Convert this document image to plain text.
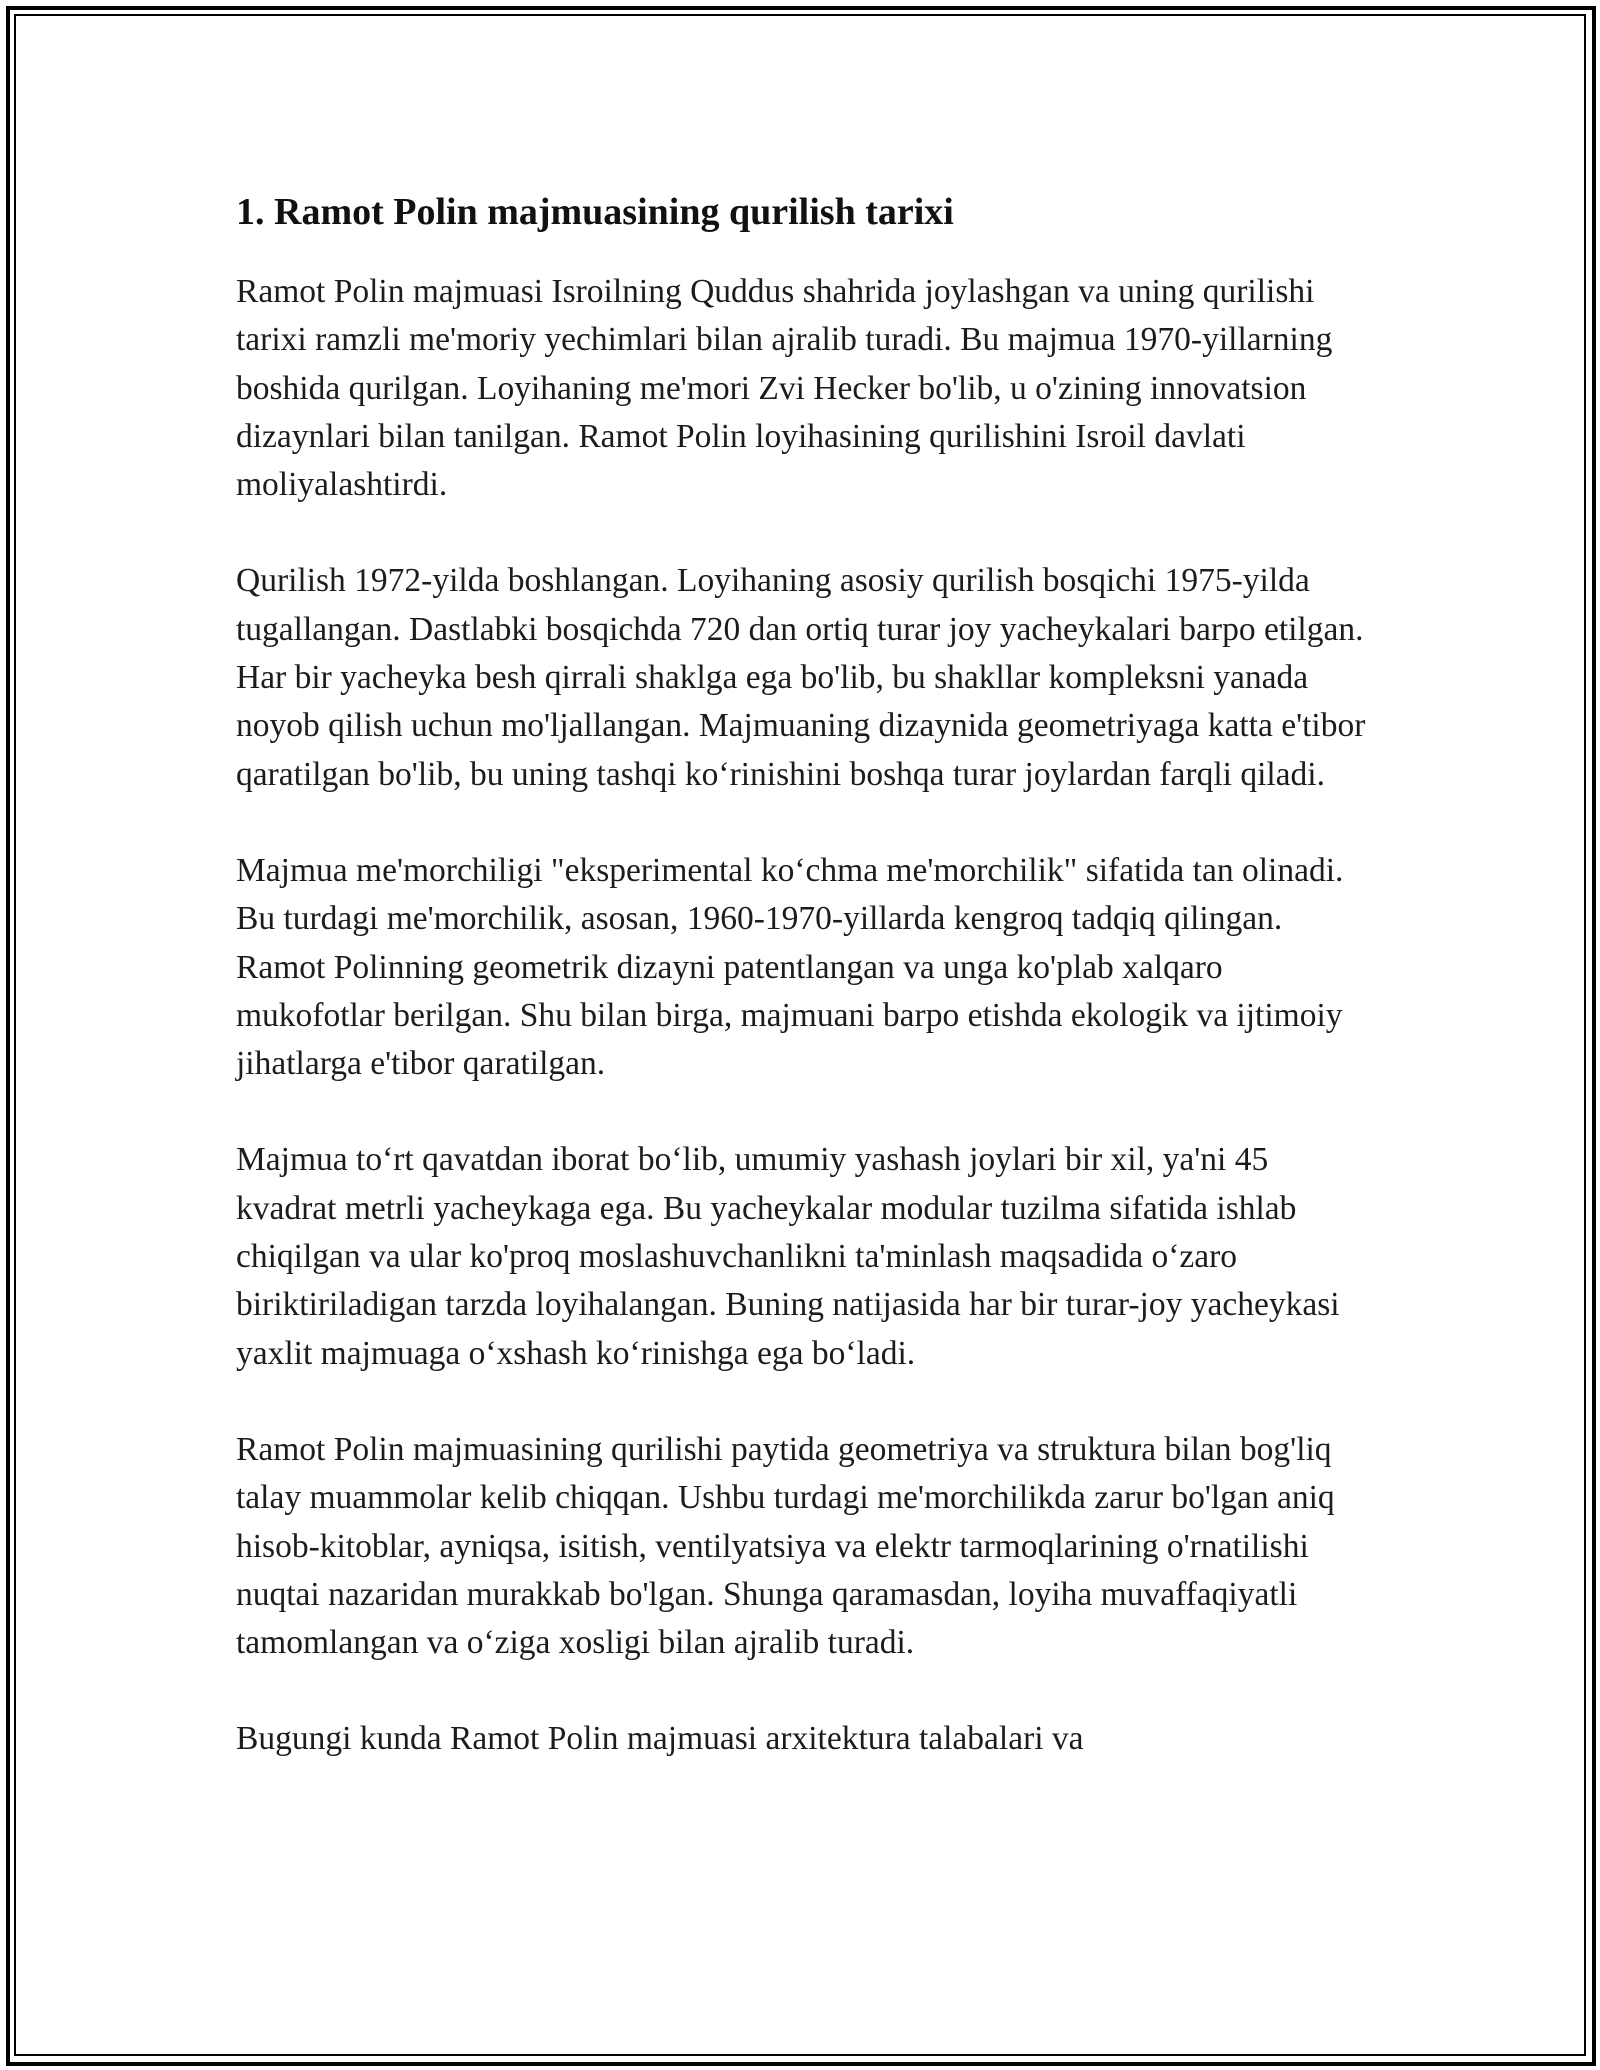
1. Ramot Polin majmuasining qurilish tarixi

Ramot Polin majmuasi Isroilning Quddus shahrida joylashgan va uning qurilishi tarixi ramzli me'moriy yechimlari bilan ajralib turadi. Bu majmua 1970-yillarning boshida qurilgan. Loyihaning me'mori Zvi Hecker bo'lib, u o'zining innovatsion dizaynlari bilan tanilgan. Ramot Polin loyihasining qurilishini Isroil davlati moliyalashtirdi.

Qurilish 1972-yilda boshlangan. Loyihaning asosiy qurilish bosqichi 1975-yilda tugallangan. Dastlabki bosqichda 720 dan ortiq turar joy yacheykalari barpo etilgan. Har bir yacheyka besh qirrali shaklga ega bo'lib, bu shakllar kompleksni yanada noyob qilish uchun mo'ljallangan. Majmuaning dizaynida geometriyaga katta e'tibor qaratilgan bo'lib, bu uning tashqi ko‘rinishini boshqa turar joylardan farqli qiladi.

Majmua me'morchiligi "eksperimental ko‘chma me'morchilik" sifatida tan olinadi. Bu turdagi me'morchilik, asosan, 1960-1970-yillarda kengroq tadqiq qilingan. Ramot Polinning geometrik dizayni patentlangan va unga ko'plab xalqaro mukofotlar berilgan. Shu bilan birga, majmuani barpo etishda ekologik va ijtimoiy jihatlarga e'tibor qaratilgan.

Majmua to‘rt qavatdan iborat bo‘lib, umumiy yashash joylari bir xil, ya'ni 45 kvadrat metrli yacheykaga ega. Bu yacheykalar modular tuzilma sifatida ishlab chiqilgan va ular ko'proq moslashuvchanlikni ta'minlash maqsadida o‘zaro biriktiriladigan tarzda loyihalangan. Buning natijasida har bir turar-joy yacheykasi yaxlit majmuaga o‘xshash ko‘rinishga ega bo‘ladi.

Ramot Polin majmuasining qurilishi paytida geometriya va struktura bilan bog'liq talay muammolar kelib chiqqan. Ushbu turdagi me'morchilikda zarur bo'lgan aniq hisob-kitoblar, ayniqsa, isitish, ventilyatsiya va elektr tarmoqlarining o'rnatilishi nuqtai nazaridan murakkab bo'lgan. Shunga qaramasdan, loyiha muvaffaqiyatli tamomlangan va o‘ziga xosligi bilan ajralib turadi.

Bugungi kunda Ramot Polin majmuasi arxitektura talabalari va
